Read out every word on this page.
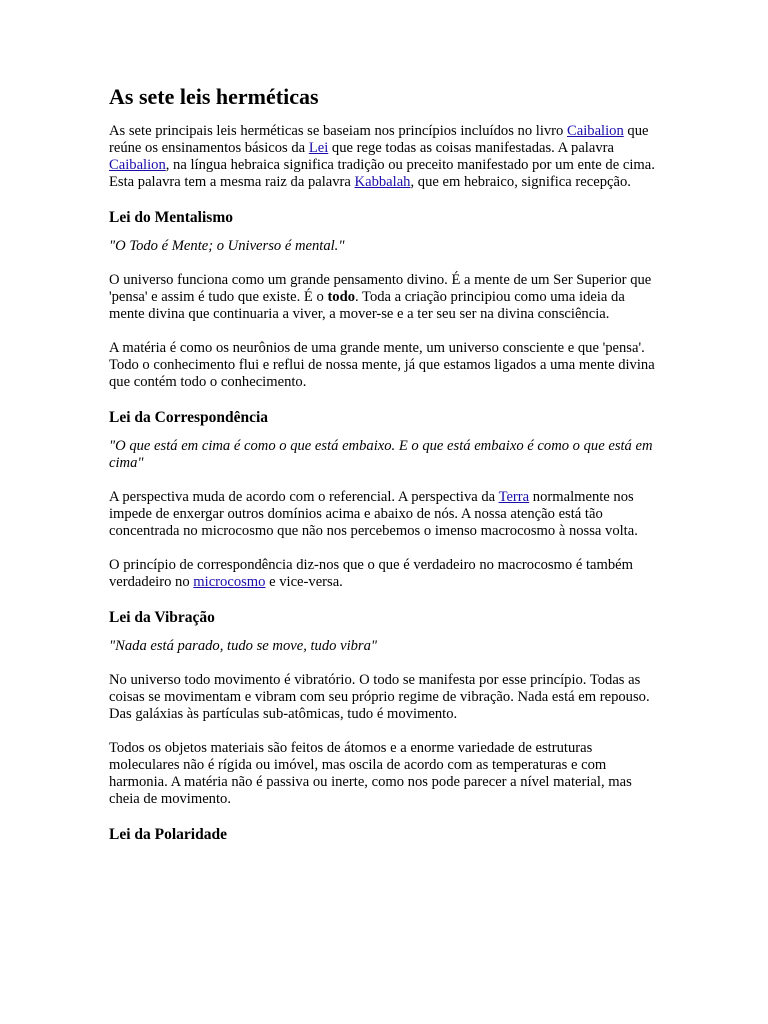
As sete leis herméticas

As sete principais leis herméticas se baseiam nos princípios incluídos no livro Caibalion que reúne os ensinamentos básicos da Lei que rege todas as coisas manifestadas. A palavra Caibalion, na língua hebraica significa tradição ou preceito manifestado por um ente de cima. Esta palavra tem a mesma raiz da palavra Kabbalah, que em hebraico, significa recepção.

Lei do Mentalismo

"O Todo é Mente; o Universo é mental."

O universo funciona como um grande pensamento divino. É a mente de um Ser Superior que 'pensa' e assim é tudo que existe. É o todo. Toda a criação principiou como uma ideia da mente divina que continuaria a viver, a mover-se e a ter seu ser na divina consciência.

A matéria é como os neurônios de uma grande mente, um universo consciente e que 'pensa'. Todo o conhecimento flui e reflui de nossa mente, já que estamos ligados a uma mente divina que contém todo o conhecimento.

Lei da Correspondência

"O que está em cima é como o que está embaixo. E o que está embaixo é como o que está em cima"

A perspectiva muda de acordo com o referencial. A perspectiva da Terra normalmente nos impede de enxergar outros domínios acima e abaixo de nós. A nossa atenção está tão concentrada no microcosmo que não nos percebemos o imenso macrocosmo à nossa volta.

O princípio de correspondência diz-nos que o que é verdadeiro no macrocosmo é também verdadeiro no microcosmo e vice-versa.

Lei da Vibração

"Nada está parado, tudo se move, tudo vibra"

No universo todo movimento é vibratório. O todo se manifesta por esse princípio. Todas as coisas se movimentam e vibram com seu próprio regime de vibração. Nada está em repouso. Das galáxias às partículas sub-atômicas, tudo é movimento.

Todos os objetos materiais são feitos de átomos e a enorme variedade de estruturas moleculares não é rígida ou imóvel, mas oscila de acordo com as temperaturas e com harmonia. A matéria não é passiva ou inerte, como nos pode parecer a nível material, mas cheia de movimento.

Lei da Polaridade
